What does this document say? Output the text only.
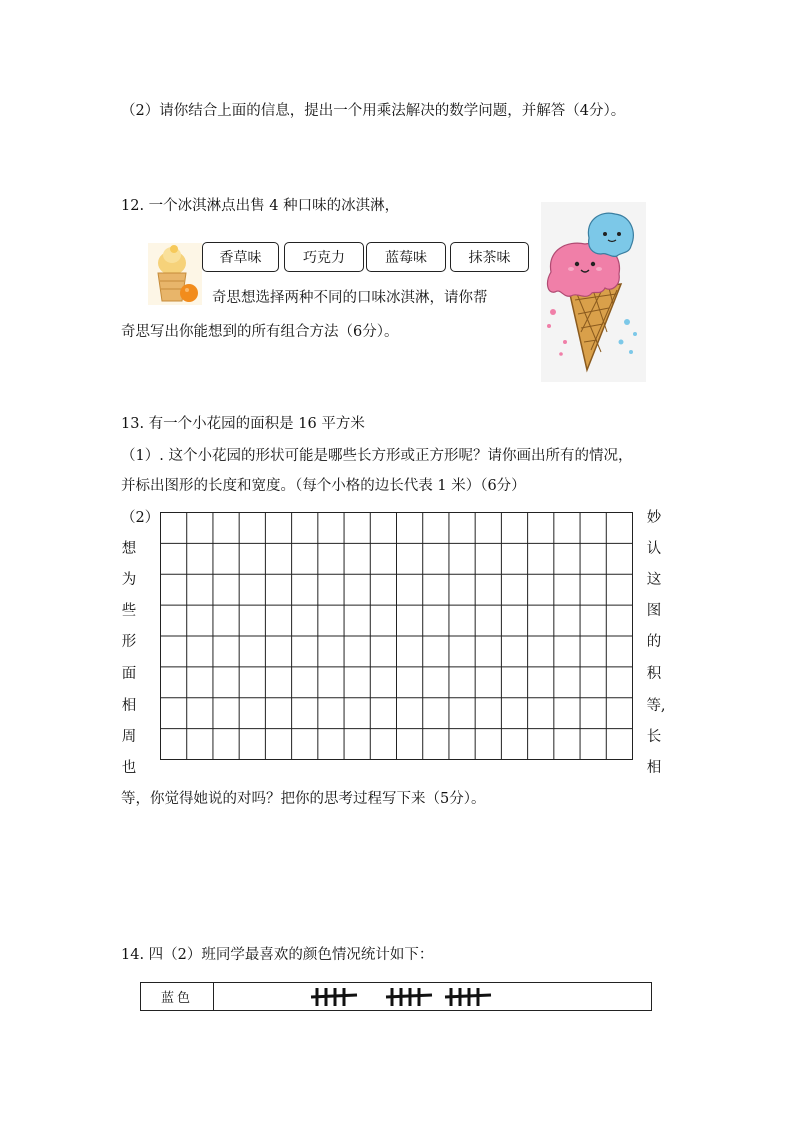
（2）请你结合上面的信息，提出一个用乘法解决的数学问题，并解答（4分）。
12. 一个冰淇淋点出售 4 种口味的冰淇淋，
香草味	巧克力	蓝莓味	抹茶味
奇思想选择两种不同的口味冰淇淋，请你帮
奇思写出你能想到的所有组合方法（6分）。
13. 有一个小花园的面积是 16 平方米
（1）. 这个小花园的形状可能是哪些长方形或正方形呢？请你画出所有的情况，
并标出图形的长度和宽度。（每个小格的边长代表 1 米）（6分）
（2）
想
为
些
形
面
相
周
也
妙
认
这
图
的
积
等,
长
相
等，你觉得她说的对吗？把你的思考过程写下来（5分）。
14. 四（2）班同学最喜欢的颜色情况统计如下：
蓝色
